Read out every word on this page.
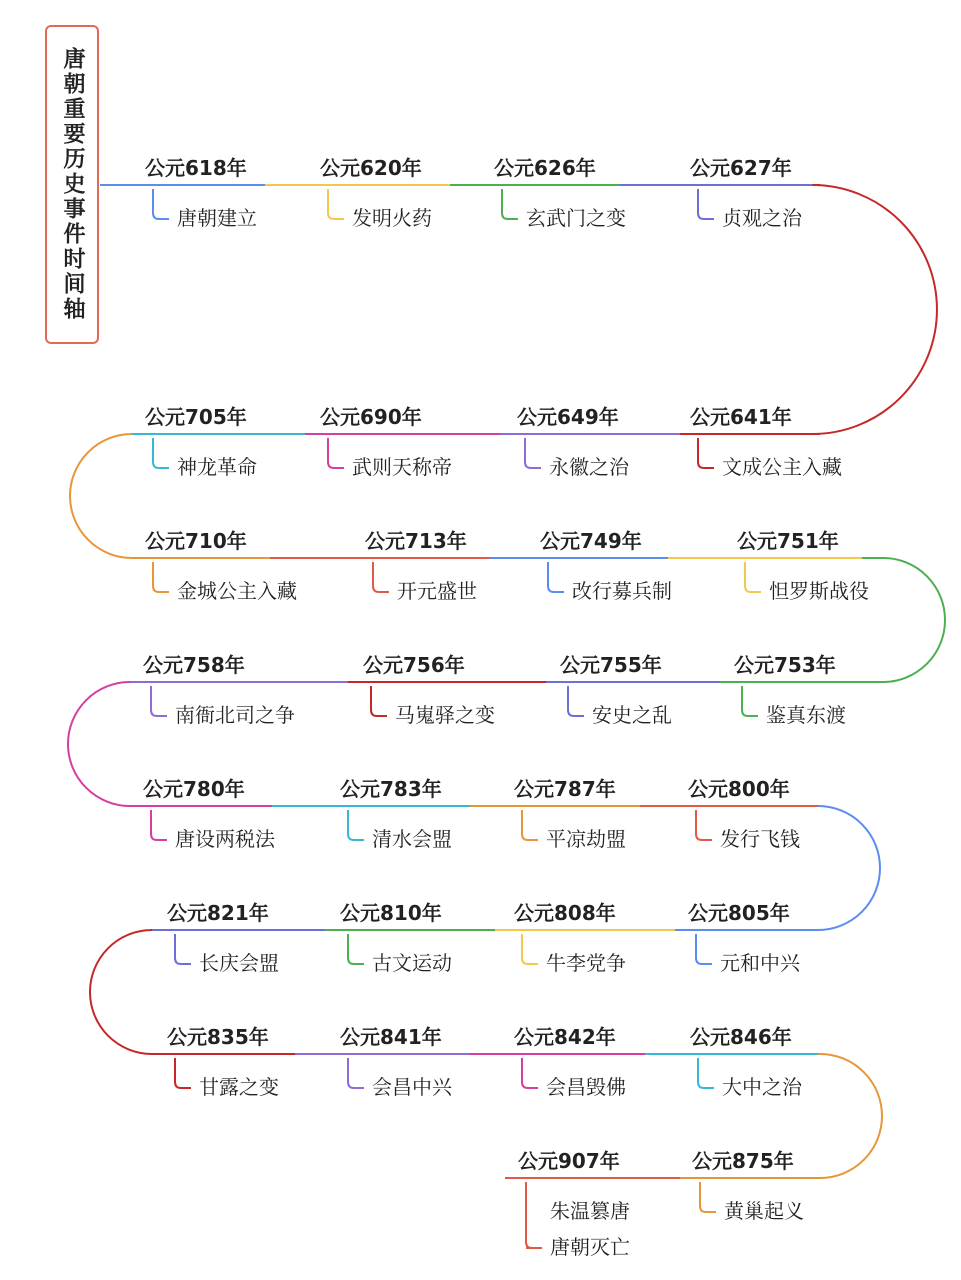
唐朝重要历史事件时间轴	公元618年
唐朝建立
公元620年
发明火药
公元626年
玄武门之变
公元627年
贞观之治
公元641年
文成公主入藏
公元649年
永徽之治
公元690年
武则天称帝
公元705年
神龙革命
公元710年
金城公主入藏
公元713年
开元盛世
公元749年
改行募兵制
公元751年
怛罗斯战役
公元753年
鉴真东渡
公元755年
安史之乱
公元756年
马嵬驿之变
公元758年
南衙北司之争
公元780年
唐设两税法
公元783年
清水会盟
公元787年
平凉劫盟
公元800年
发行飞钱
公元805年
元和中兴
公元808年
牛李党争
公元810年
古文运动
公元821年
长庆会盟
公元835年
甘露之变
公元841年
会昌中兴
公元842年
会昌毁佛
公元846年
大中之治
公元875年
黄巢起义
公元907年
朱温篡唐
唐朝灭亡
